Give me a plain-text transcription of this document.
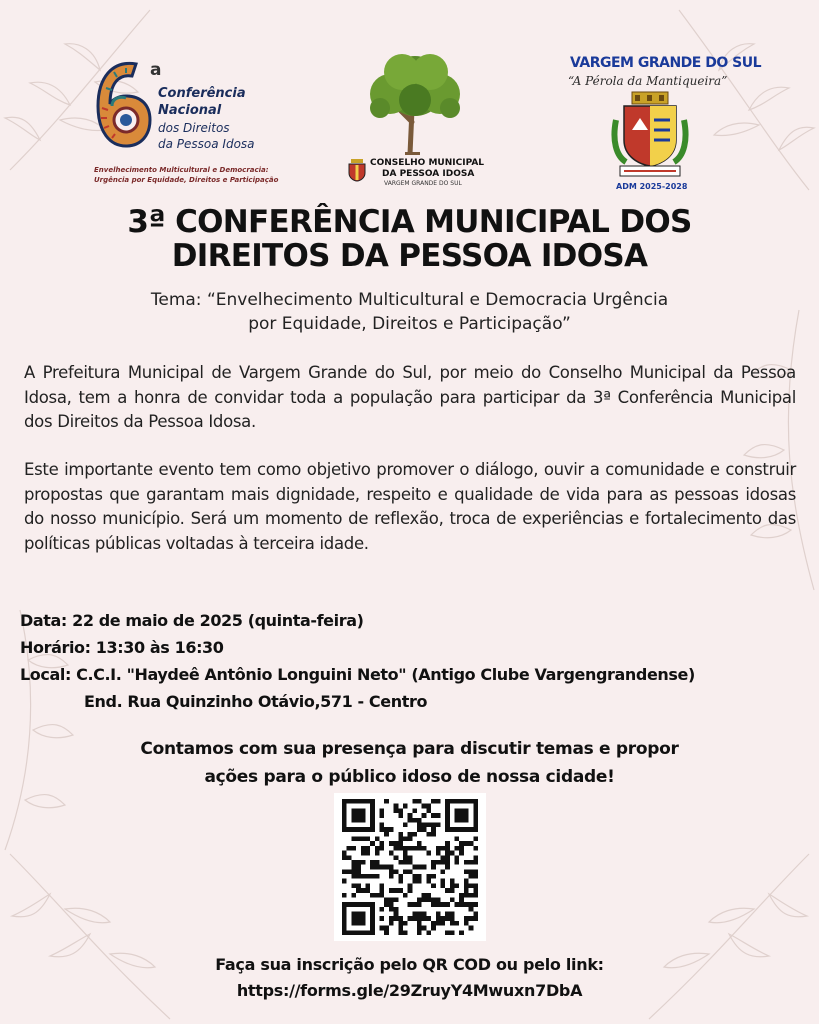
a
Conferência
Nacional
dos Direitos
da Pessoa Idosa
Envelhecimento Multicultural e Democracia:
Urgência por Equidade, Direitos e Participação
CONSELHO MUNICIPAL
DA PESSOA IDOSA
VARGEM GRANDE DO SUL
VARGEM GRANDE DO SUL
“A Pérola da Mantiqueira”
ADM 2025-2028
3ª CONFERÊNCIA MUNICIPAL DOS
DIREITOS DA PESSOA IDOSA
Tema: “Envelhecimento Multicultural e Democracia Urgência
por Equidade, Direitos e Participação”

A Prefeitura Municipal de Vargem Grande do Sul, por meio do Conselho Municipal da Pessoa Idosa, tem a honra de convidar toda a população para participar da 3ª Conferência Municipal dos Direitos da Pessoa Idosa.

Este importante evento tem como objetivo promover o diálogo, ouvir a comunidade e construir propostas que garantam mais dignidade, respeito e qualidade de vida para as pessoas idosas do nosso município. Será um momento de reflexão, troca de experiências e fortalecimento das políticas públicas voltadas à terceira idade.

Data: 22 de maio de 2025 (quinta-feira)
Horário: 13:30 às 16:30
Local: C.C.I. "Haydeê Antônio Longuini Neto" (Antigo Clube Vargengrandense)
End. Rua Quinzinho Otávio,571 - Centro
Contamos com sua presença para discutir temas e propor
ações para o público idoso de nossa cidade!
Faça sua inscrição pelo QR COD ou pelo link:
https://forms.gle/29ZruyY4Mwuxn7DbA
